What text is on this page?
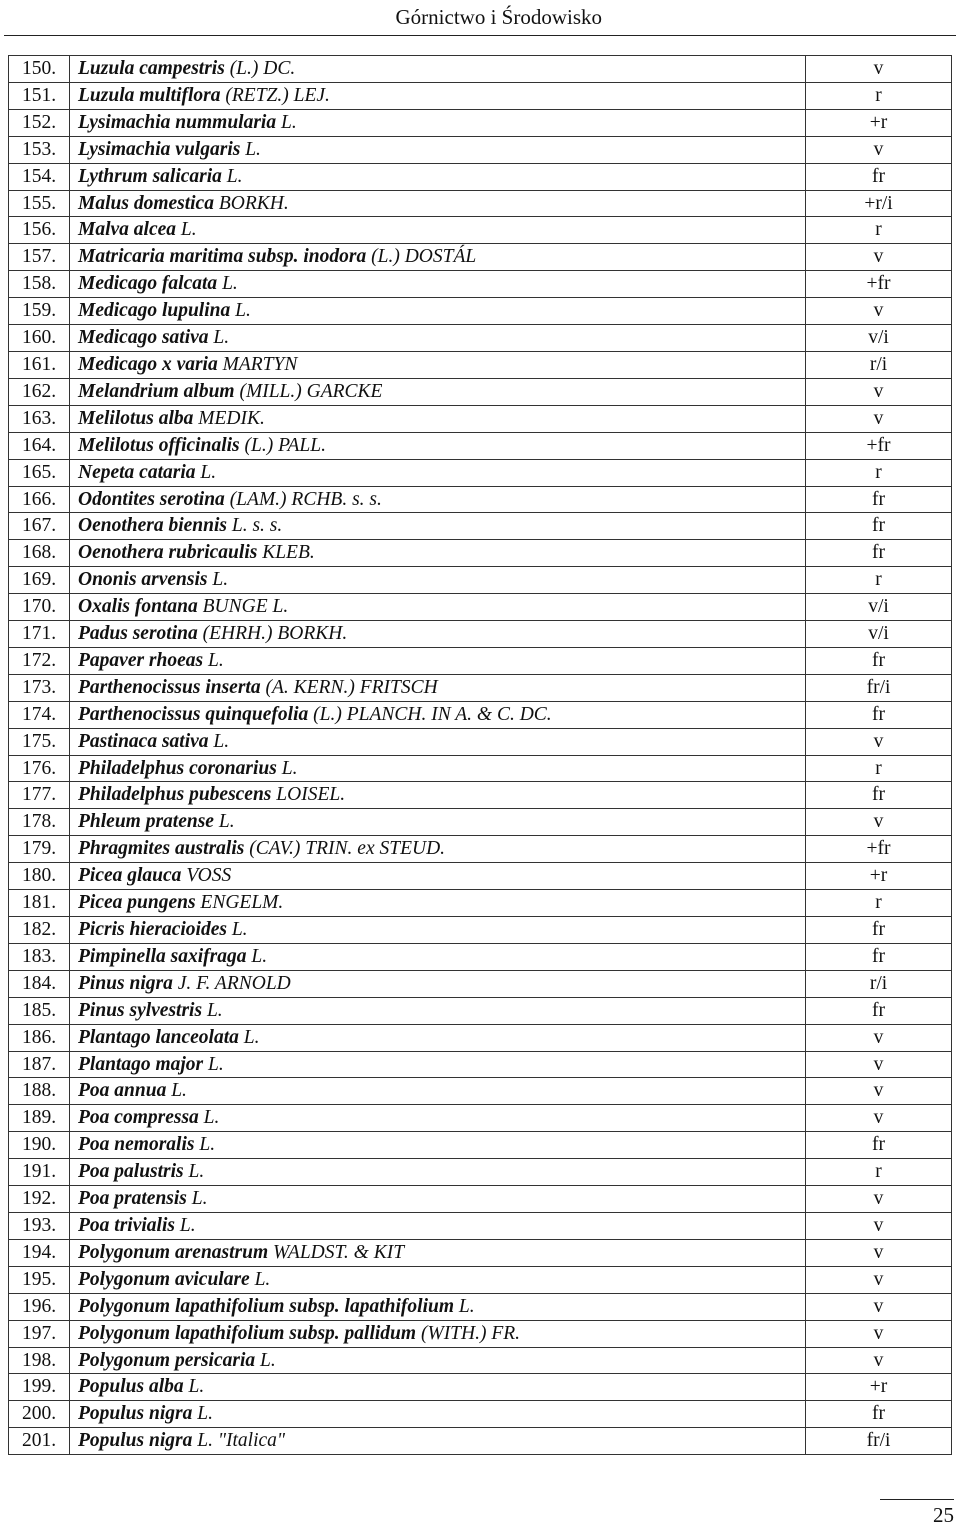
Górnictwo i Środowisko
150.	Luzula campestris (L.) DC.	v
151.	Luzula multiflora (RETZ.) LEJ.	r
152.	Lysimachia nummularia L.	+r
153.	Lysimachia vulgaris L.	v
154.	Lythrum salicaria L.	fr
155.	Malus domestica BORKH.	+r/i
156.	Malva alcea L.	r
157.	Matricaria maritima subsp. inodora (L.) DOSTÁL	v
158.	Medicago falcata L.	+fr
159.	Medicago lupulina L.	v
160.	Medicago sativa L.	v/i
161.	Medicago x varia MARTYN	r/i
162.	Melandrium album (MILL.) GARCKE	v
163.	Melilotus alba MEDIK.	v
164.	Melilotus officinalis (L.) PALL.	+fr
165.	Nepeta cataria L.	r
166.	Odontites serotina (LAM.) RCHB. s. s.	fr
167.	Oenothera biennis L. s. s.	fr
168.	Oenothera rubricaulis KLEB.	fr
169.	Ononis arvensis L.	r
170.	Oxalis fontana BUNGE L.	v/i
171.	Padus serotina (EHRH.) BORKH.	v/i
172.	Papaver rhoeas L.	fr
173.	Parthenocissus inserta (A. KERN.) FRITSCH	fr/i
174.	Parthenocissus quinquefolia (L.) PLANCH. IN A. & C. DC.	fr
175.	Pastinaca sativa L.	v
176.	Philadelphus coronarius L.	r
177.	Philadelphus pubescens LOISEL.	fr
178.	Phleum pratense L.	v
179.	Phragmites australis (CAV.) TRIN. ex STEUD.	+fr
180.	Picea glauca VOSS	+r
181.	Picea pungens ENGELM.	r
182.	Picris hieracioides L.	fr
183.	Pimpinella saxifraga L.	fr
184.	Pinus nigra J. F. ARNOLD	r/i
185.	Pinus sylvestris L.	fr
186.	Plantago lanceolata L.	v
187.	Plantago major L.	v
188.	Poa annua L.	v
189.	Poa compressa L.	v
190.	Poa nemoralis L.	fr
191.	Poa palustris L.	r
192.	Poa pratensis L.	v
193.	Poa trivialis L.	v
194.	Polygonum arenastrum WALDST. & KIT	v
195.	Polygonum aviculare L.	v
196.	Polygonum lapathifolium subsp. lapathifolium L.	v
197.	Polygonum lapathifolium subsp. pallidum (WITH.) FR.	v
198.	Polygonum persicaria L.	v
199.	Populus alba L.	+r
200.	Populus nigra L.	fr
201.	Populus nigra L. "Italica"	fr/i
25
